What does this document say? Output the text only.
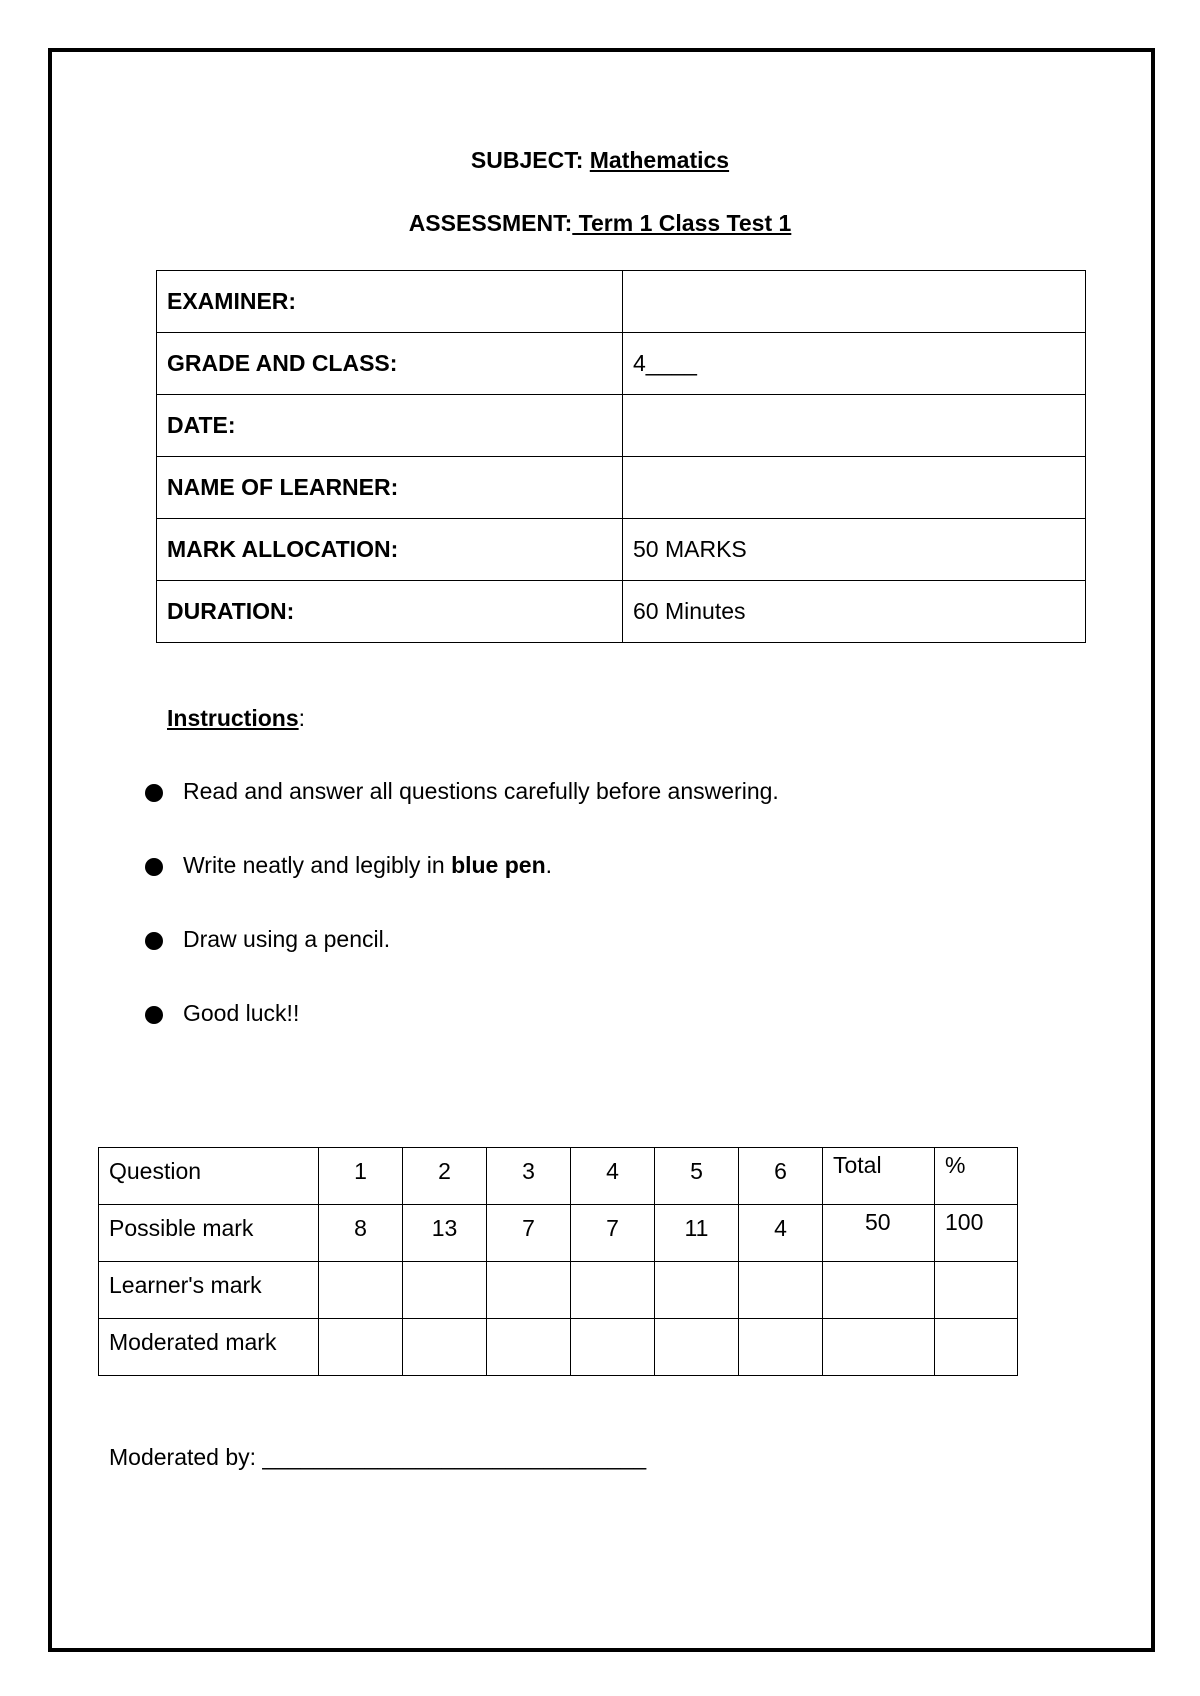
SUBJECT: Mathematics
ASSESSMENT: Term 1 Class Test 1
EXAMINER:	
GRADE AND CLASS:	4____
DATE:	
NAME OF LEARNER:	
MARK ALLOCATION:	50 MARKS
DURATION:	60 Minutes
Instructions:
Read and answer all questions carefully before answering.
Write neatly and legibly in blue pen.
Draw using a pencil.
Good luck!!
Question	1	2	3	4	5	6	Total	%
Possible mark	8	13	7	7	11	4	50	100
Learner's mark								
Moderated mark								
Moderated by: ______________________________
